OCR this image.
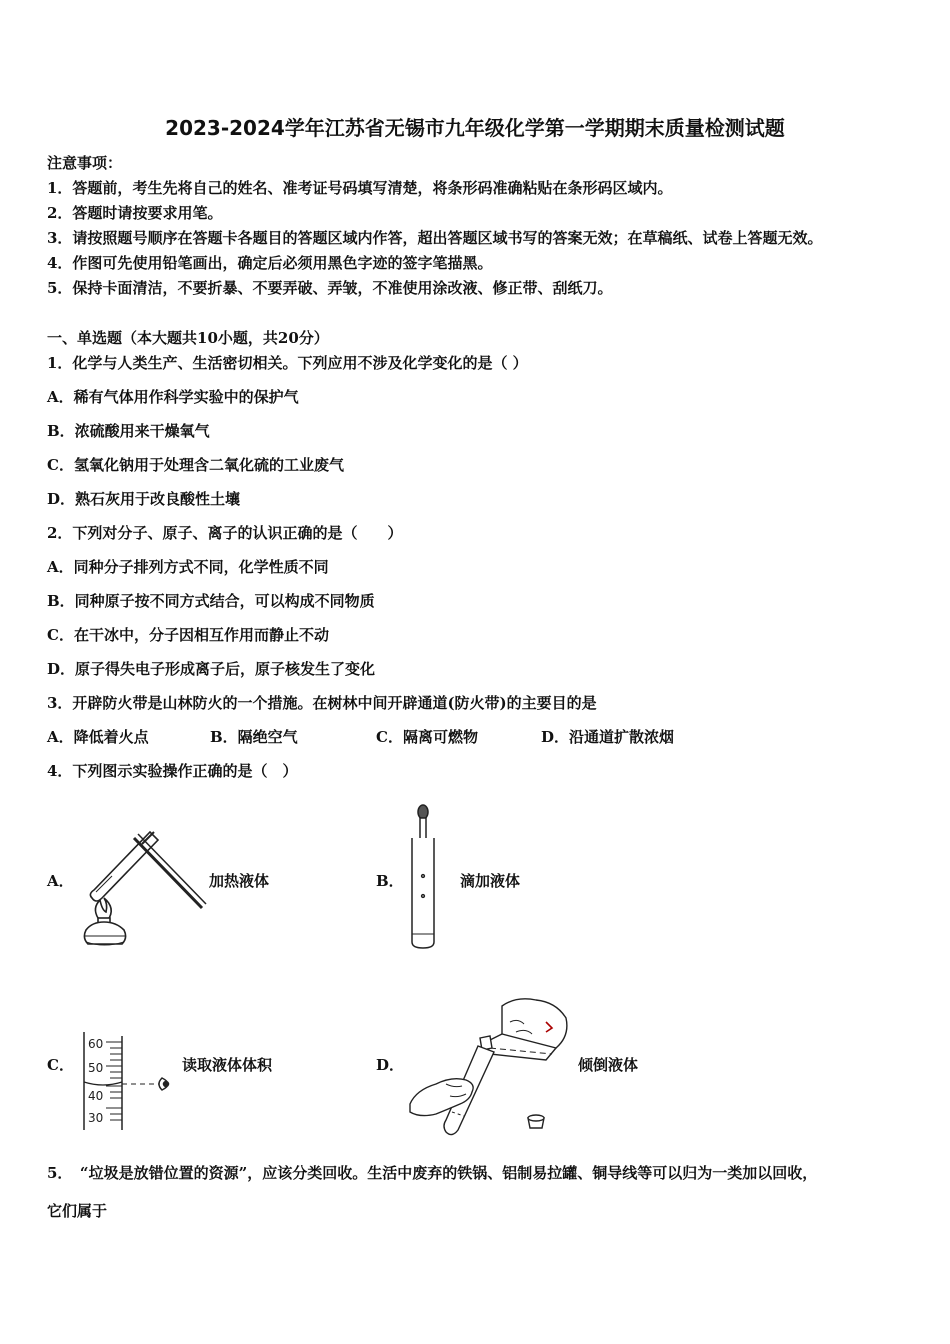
2023-2024学年江苏省无锡市九年级化学第一学期期末质量检测试题
注意事项：
1．答题前，考生先将自己的姓名、准考证号码填写清楚，将条形码准确粘贴在条形码区域内。
2．答题时请按要求用笔。
3．请按照题号顺序在答题卡各题目的答题区域内作答，超出答题区域书写的答案无效；在草稿纸、试卷上答题无效。
4．作图可先使用铅笔画出，确定后必须用黑色字迹的签字笔描黑。
5．保持卡面清洁，不要折暴、不要弄破、弄皱，不准使用涂改液、修正带、刮纸刀。
一、单选题（本大题共10小题，共20分）
1．化学与人类生产、生活密切相关。下列应用不涉及化学变化的是（ ）
A．稀有气体用作科学实验中的保护气
B．浓硫酸用来干燥氧气
C．氢氧化钠用于处理含二氧化硫的工业废气
D．熟石灰用于改良酸性土壤
2．下列对分子、原子、离子的认识正确的是（　　）
A．同种分子排列方式不同，化学性质不同
B．同种原子按不同方式结合，可以构成不同物质
C．在干冰中，分子因相互作用而静止不动
D．原子得失电子形成离子后，原子核发生了变化
3．开辟防火带是山林防火的一个措施。在树林中间开辟通道(防火带)的主要目的是
A．降低着火点	B．隔绝空气	C．隔离可燃物	D．沿通道扩散浓烟
4．下列图示实验操作正确的是（　）
A．	加热液体	B．	滴加液体
C．
60
50
40
30
读取液体体积	D．	倾倒液体
5．　“垃圾是放错位置的资源”，应该分类回收。生活中废弃的铁锅、铝制易拉罐、铜导线等可以归为一类加以回收，
它们属于
